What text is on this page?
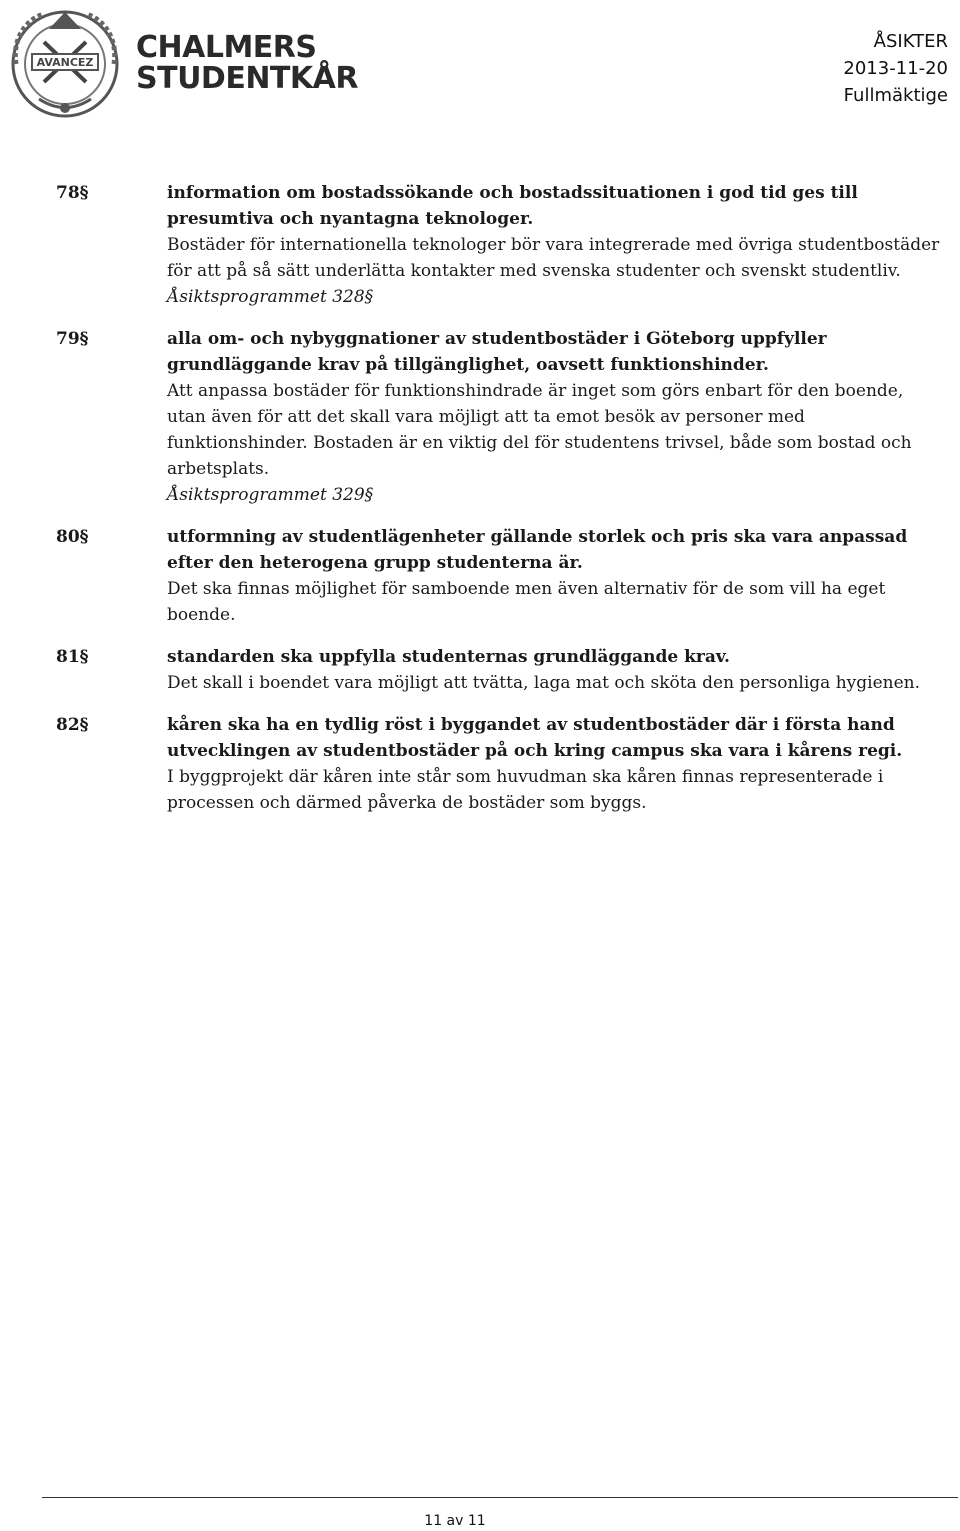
AVANCEZ CHALMERS
STUDENTKÅR
ÅSIKTER
2013-11-20
Fullmäktige
78§	information om bostadssökande och bostadssituationen i god tid ges till presumtiva och nyantagna teknologer.
Bostäder för internationella teknologer bör vara integrerade med övriga studentbostäder för att på så sätt underlätta kontakter med svenska studenter och svenskt studentliv.
Åsiktsprogrammet 328§
79§	alla om- och nybyggnationer av studentbostäder i Göteborg uppfyller grundläggande krav på tillgänglighet, oavsett funktionshinder.
Att anpassa bostäder för funktionshindrade är inget som görs enbart för den boende, utan även för att det skall vara möjligt att ta emot besök av personer med funktionshinder. Bostaden är en viktig del för studentens trivsel, både som bostad och arbetsplats.
Åsiktsprogrammet 329§
80§	utformning av studentlägenheter gällande storlek och pris ska vara anpassad efter den heterogena grupp studenterna är.
Det ska finnas möjlighet för samboende men även alternativ för de som vill ha eget boende.
81§	standarden ska uppfylla studenternas grundläggande krav.
Det skall i boendet vara möjligt att tvätta, laga mat och sköta den personliga hygienen.
82§	kåren ska ha en tydlig röst i byggandet av studentbostäder där i första hand utvecklingen av studentbostäder på och kring campus ska vara i kårens regi.
I byggprojekt där kåren inte står som huvudman ska kåren finnas representerade i processen och därmed påverka de bostäder som byggs.
11 av 11
